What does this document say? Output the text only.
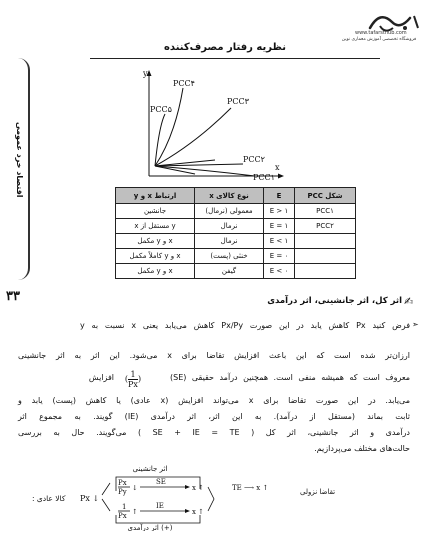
نظریه رفتار مصرف‌کننده
www.tafarsthub.com
فروشگاه تخصصی آموزش معماری نوین
اقتصاد خرد عمومی
۳۳
y
x
PCC۴
PCC۳
PCC۵
PCC۲
PCC۱
شکل PCC	E	نوع کالای x	ارتباط x و y
PCC۱	E > ۱	معمولی (نرمال)	جانشین
PCC۲	E = ۱	نرمال	y مستقل از x
	E < ۱	نرمال	x و y مکمل
	E = ۰	خنثی (پست)	x و y کاملاً مکمل
	E < ۰	گیفن	x و y مکمل
✍
اثر کل، اثر جانشینی، اثر درآمدی
➣
فرض کنید Px کاهش یابد در این صورت Px/Py کاهش می‌یابد یعنی x نسبت به y
ارزان‌تر شده است که این باعث افزایش تقاضا برای x می‌شود. این اثر به اثر جانشینی
(SE) معروف است که همیشه منفی است. همچنین درآمد حقیقی
( $\frac{1}{Px}$ )
افزایش
می‌یابد. در این صورت تقاضا برای x می‌تواند افزایش (x عادی) یا کاهش (پست) یابد و
ثابت بماند (مستقل از درآمد). به این اثر، اثر درآمدی (IE) گویند. به مجموع اثر
درآمدی و اثر جانشینی، اثر کل ( SE + IE = TE ) می‌گویند. حال به بررسی
حالت‌های مختلف می‌پردازیم.
کالا عادی : Px ↓
اثر جانشینی
Px
Py ↓
SE
x ↑
1
Px ↑
IE
x ↑
اثر درآمدی (+)
TE ⟶ x ↑	تقاضا نزولی
